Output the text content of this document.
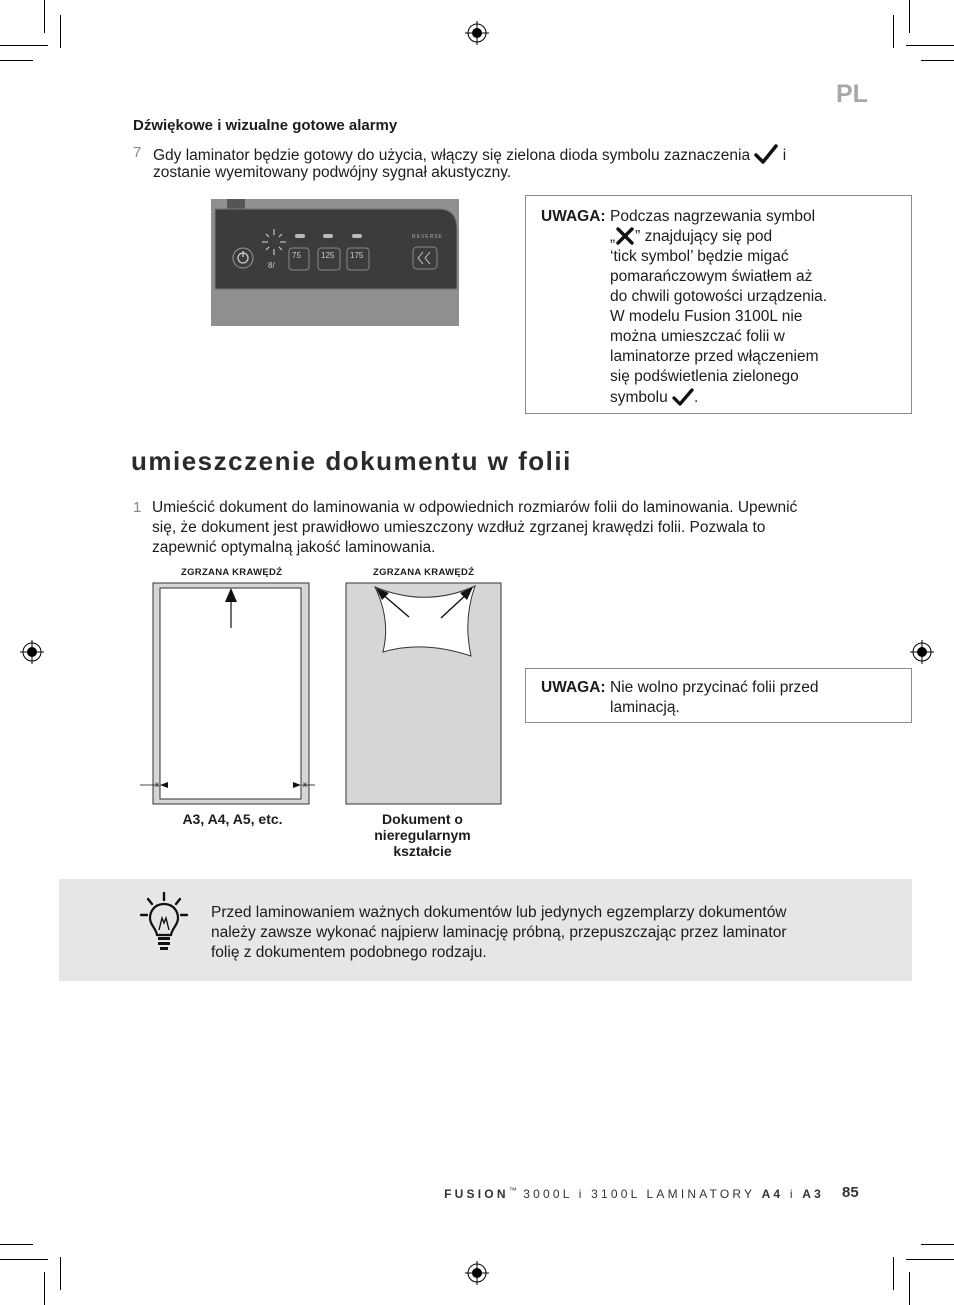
PL
Dźwiękowe i wizualne gotowe alarmy
7 Gdy laminator będzie gotowy do użycia, włączy się zielona dioda symbolu zaznaczenia i
zostanie wyemitowany podwójny sygnał akustyczny.
75	125 175
REVERSE
8/
UWAGA: Podczas nagrzewania symbol
„ ” znajdujący się pod
‘tick symbol’ będzie migać
pomarańczowym światłem aż
do chwili gotowości urządzenia.
W modelu Fusion 3100L nie
można umieszczać folii w
laminatorze przed włączeniem
się podświetlenia zielonego
symbolu .
umieszczenie dokumentu w folii
1 Umieścić dokument do laminowania w odpowiednich rozmiarów folii do laminowania. Upewnić
się, że dokument jest prawidłowo umieszczony wzdłuż zgrzanej krawędzi folii. Pozwala to
zapewnić optymalną jakość laminowania.
ZGRZANA KRAWĘDŹ	ZGRZANA KRAWĘDŹ
x	x
A3, A4, A5, etc.	Dokument o
nieregularnym
kształcie
UWAGA: Nie wolno przycinać folii przed
laminacją.
Przed laminowaniem ważnych dokumentów lub jedynych egzemplarzy dokumentów
należy zawsze wykonać najpierw laminację próbną, przepuszczając przez laminator
folię z dokumentem podobnego rodzaju.
FUSION™ 3000L i 3100L LAMINATORY A4 i A3 85
